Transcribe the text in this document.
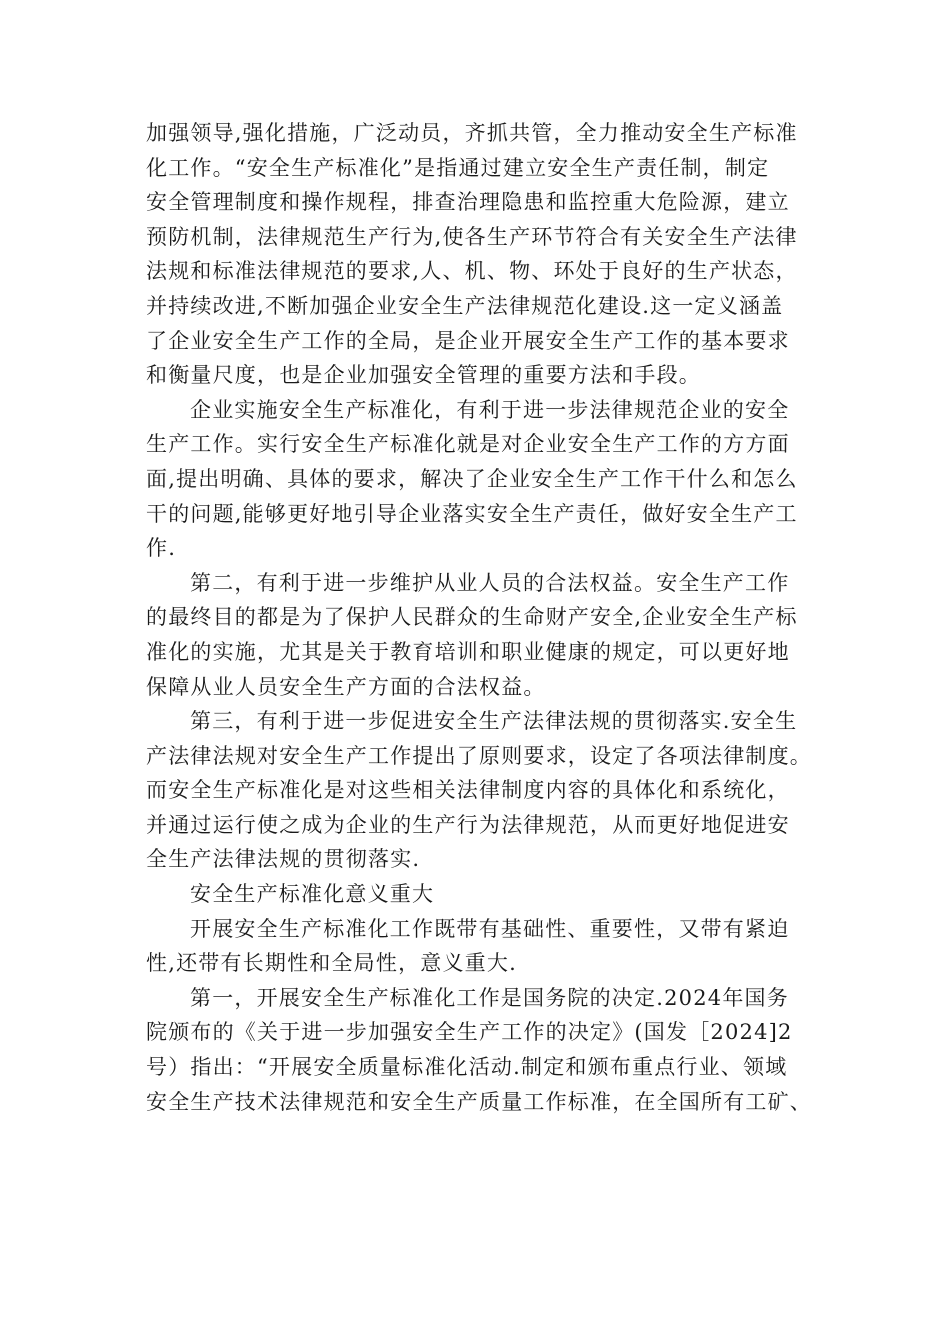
加强领导,强化措施，广泛动员，齐抓共管，全力推动安全生产标准
化工作。“安全生产标准化”是指通过建立安全生产责任制，制定
安全管理制度和操作规程，排查治理隐患和监控重大危险源，建立
预防机制，法律规范生产行为,使各生产环节符合有关安全生产法律
法规和标准法律规范的要求,人、机、物、环处于良好的生产状态，
并持续改进,不断加强企业安全生产法律规范化建设.这一定义涵盖
了企业安全生产工作的全局，是企业开展安全生产工作的基本要求
和衡量尺度，也是企业加强安全管理的重要方法和手段。
企业实施安全生产标准化，有利于进一步法律规范企业的安全
生产工作。实行安全生产标准化就是对企业安全生产工作的方方面
面,提出明确、具体的要求，解决了企业安全生产工作干什么和怎么
干的问题,能够更好地引导企业落实安全生产责任，做好安全生产工
作.
第二，有利于进一步维护从业人员的合法权益。安全生产工作
的最终目的都是为了保护人民群众的生命财产安全,企业安全生产标
准化的实施，尤其是关于教育培训和职业健康的规定，可以更好地
保障从业人员安全生产方面的合法权益。
第三，有利于进一步促进安全生产法律法规的贯彻落实.安全生
产法律法规对安全生产工作提出了原则要求，设定了各项法律制度。
而安全生产标准化是对这些相关法律制度内容的具体化和系统化，
并通过运行使之成为企业的生产行为法律规范，从而更好地促进安
全生产法律法规的贯彻落实.
安全生产标准化意义重大
开展安全生产标准化工作既带有基础性、重要性，又带有紧迫
性,还带有长期性和全局性，意义重大.
第一，开展安全生产标准化工作是国务院的决定.2024年国务
院颁布的《关于进一步加强安全生产工作的决定》(国发［2024]2
号）指出：“开展安全质量标准化活动.制定和颁布重点行业、领域
安全生产技术法律规范和安全生产质量工作标准，在全国所有工矿、
